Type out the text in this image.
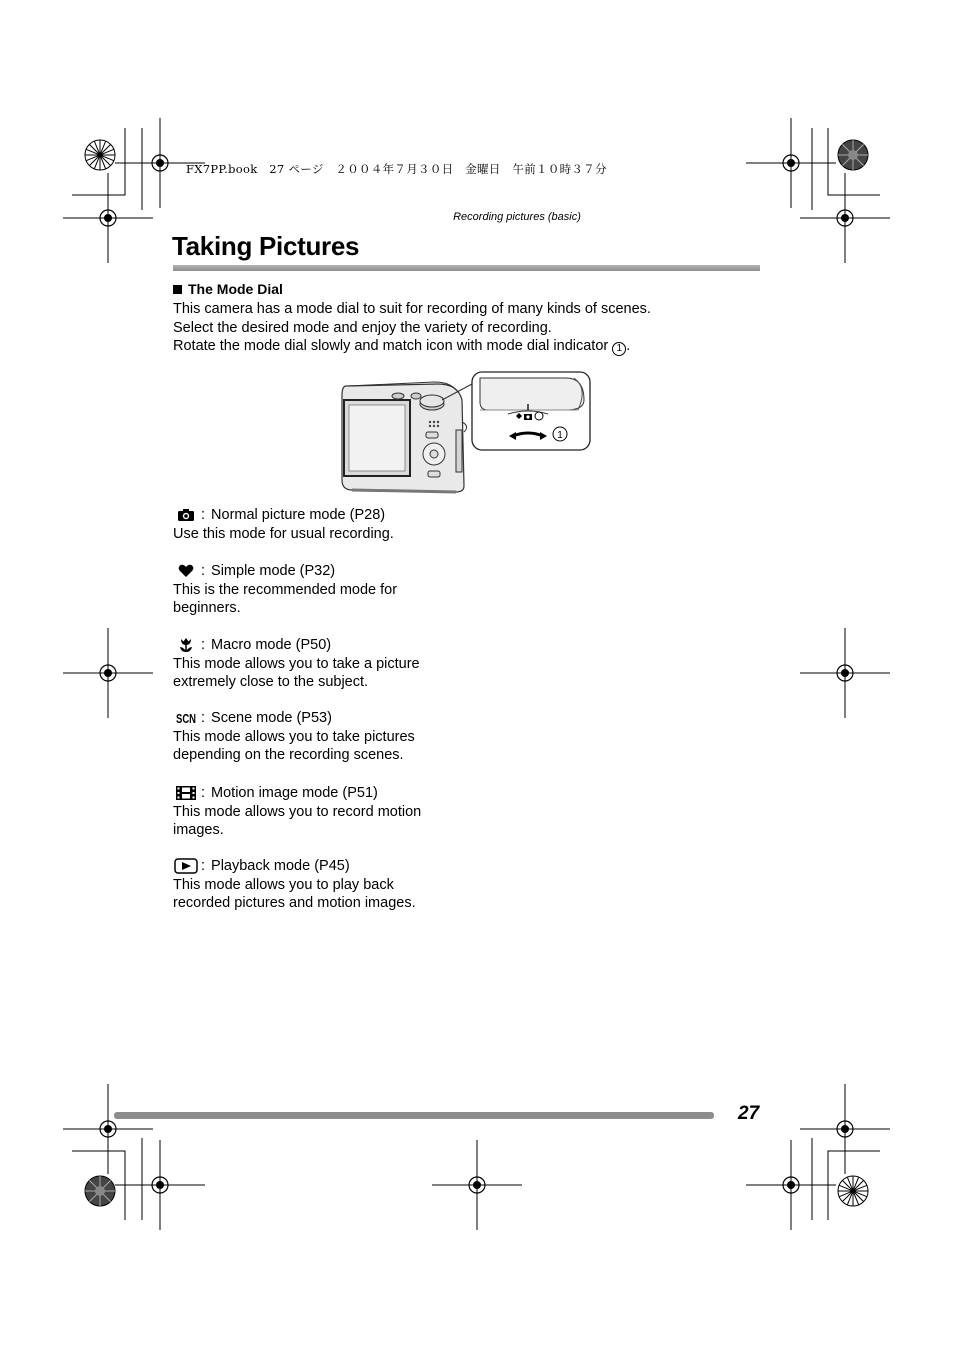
FX7PP.book　27 ページ　２００４年７月３０日　金曜日　午前１０時３７分
Recording pictures (basic)
Taking Pictures
The Mode Dial
This camera has a mode dial to suit for recording of many kinds of scenes.
Select the desired mode and enjoy the variety of recording.
Rotate the mode dial slowly and match icon with mode dial indicator 1 .
1
: Normal picture mode (P28)
Use this mode for usual recording.
: Simple mode (P32)
This is the recommended mode for beginners.
: Macro mode (P50)
This mode allows you to take a picture extremely close to the subject.
SCN : Scene mode (P53)
This mode allows you to take pictures depending on the recording scenes.
: Motion image mode (P51)
This mode allows you to record motion images.
: Playback mode (P45)
This mode allows you to play back recorded pictures and motion images.
27
